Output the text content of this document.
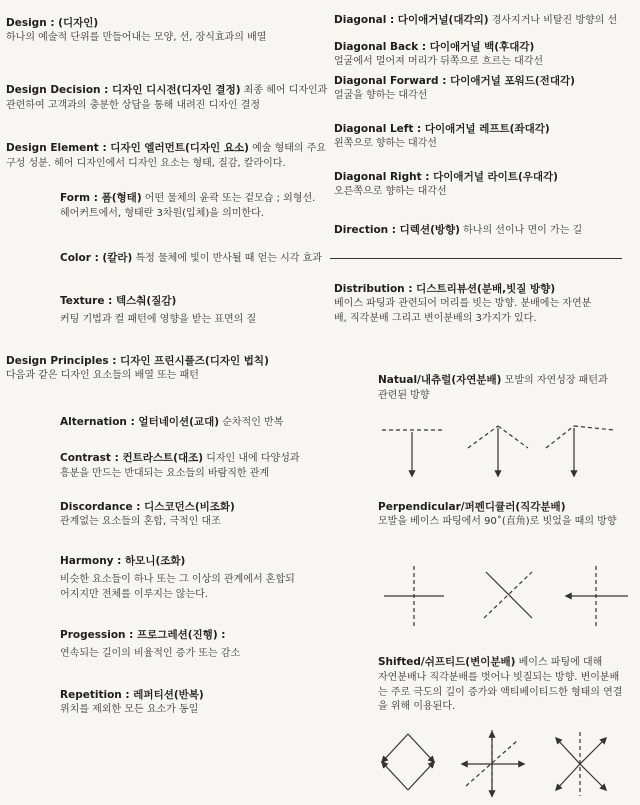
Design : (디자인)
하나의 예술적 단위를 만들어내는 모양, 선, 장식효과의 배열
Design Decision : 디자인 디시전(디자인 결정) 최종 헤어 디자인과
관련하여 고객과의 충분한 상담을 통해 내려진 디자인 결정
Design Element : 디자인 엘러먼트(디자인 요소) 예술 형태의 주요
구성 성분. 헤어 디자인에서 디자인 요소는 형태, 질감, 칼라이다.
Form : 폼(형태) 어떤 물체의 윤곽 또는 겉모습 ; 외형선.
헤어커트에서, 형태란 3차원(입체)을 의미한다.
Color : (칼라) 특정 물체에 빛이 반사될 때 얻는 시각 효과
Texture : 텍스춰(질감)
커팅 기법과 컬 패턴에 영향을 받는 표면의 질
Design Principles : 디자인 프린시플즈(디자인 법칙)
다음과 같은 디자인 요소들의 배열 또는 패턴
Alternation : 얼터네이션(교대) 순차적인 반복
Contrast : 컨트라스트(대조) 디자인 내에 다양성과
흥분을 만드는 반대되는 요소들의 바람직한 관계
Discordance : 디스코던스(비조화)
관계없는 요소들의 혼합, 극적인 대조
Harmony : 하모니(조화)
비슷한 요소들이 하나 또는 그 이상의 관계에서 혼합되어지지만 전체를 이루지는 않는다.
Progession : 프로그레션(진행) :
연속되는 길이의 비율적인 증가 또는 감소
Repetition : 레퍼티션(반복)
위치를 제외한 모든 요소가 동일
Diagonal : 다이애거널(대각의) 경사지거나 비탈진 방향의 선
Diagonal Back : 다이애거널 백(후대각)
얼굴에서 멀어져 머리가 뒤쪽으로 흐르는 대각선
Diagonal Forward : 다이애거널 포워드(전대각)
얼굴을 향하는 대각선
Diagonal Left : 다이애거널 레프트(좌대각)
왼쪽으로 향하는 대각선
Diagonal Right : 다이애거널 라이트(우대각)
오른쪽으로 향하는 대각선
Direction : 디렉션(방향) 하나의 선이나 면이 가는 길
Distribution : 디스트리뷰션(분배,빗질 방향)
베이스 파팅과 관련되어 머리를 빗는 방향. 분배에는 자연분배, 직각분배 그리고 변이분배의 3가지가 있다.
Natual/내츄럴(자연분배) 모발의 자연성장 패턴과
관련된 방향
Perpendicular/퍼펜디큘러(직각분배)
모발을 베이스 파팅에서 90˚(直角)로 빗었을 때의 방향
Shifted/쉬프티드(변이분배) 베이스 파팅에 대해
자연분배나 직각분배를 벗어나 빗질되는 방향. 변이분배는 주로 극도의 길이 증가와 액티베이티드한 형태의 연결을 위해 이용된다.
